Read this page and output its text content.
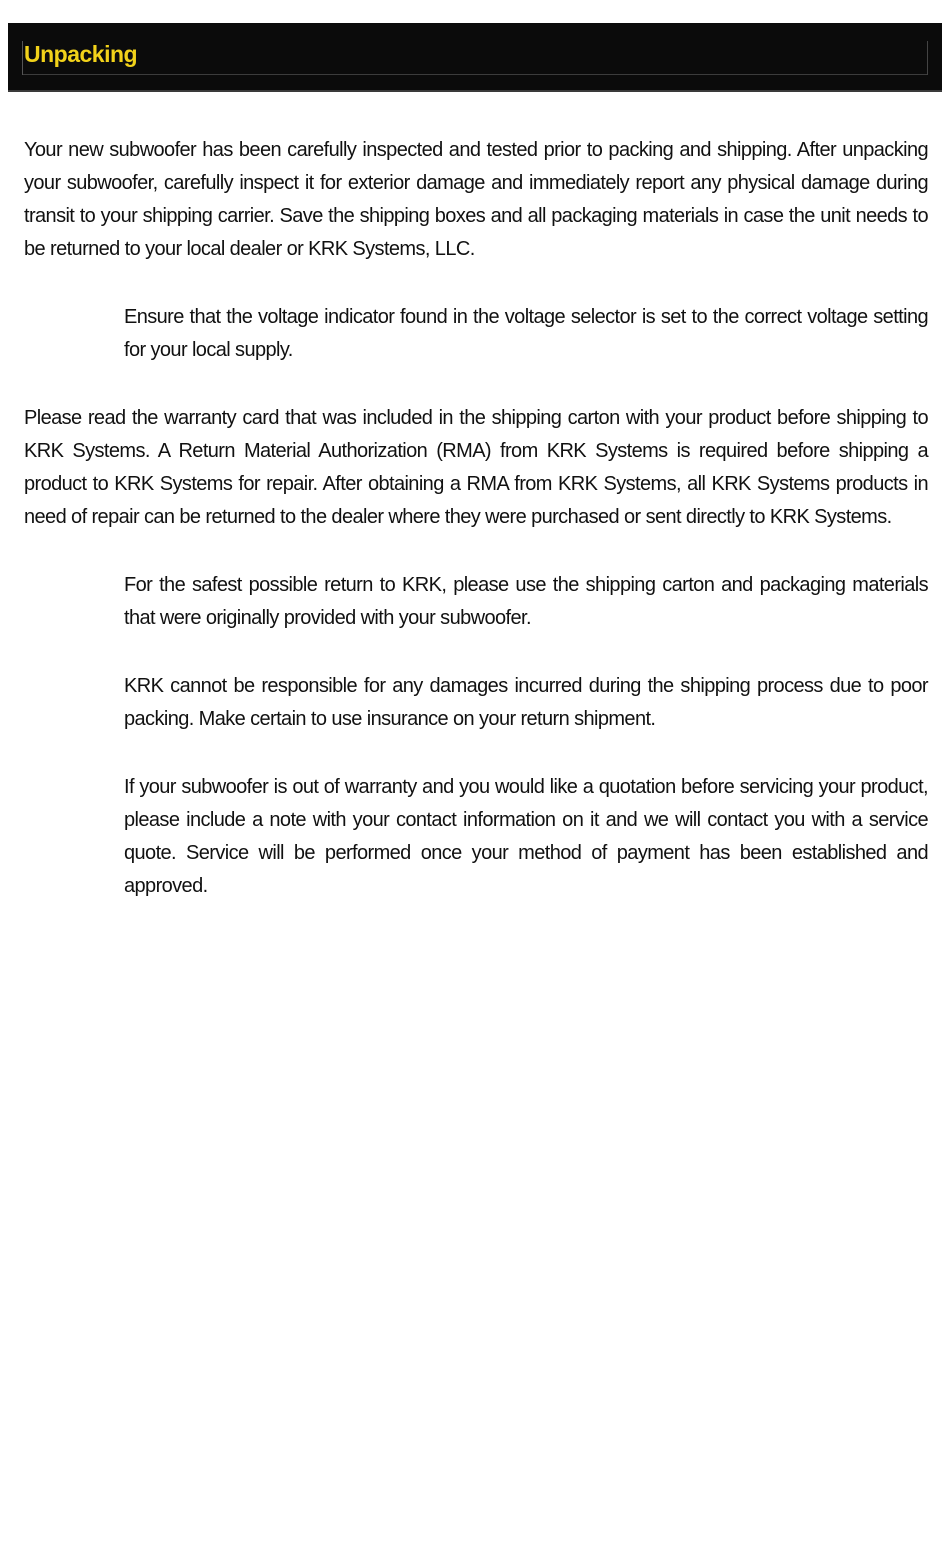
Unpacking

Your new subwoofer has been carefully inspected and tested prior to packing and shipping. After unpacking your subwoofer, carefully inspect it for exterior damage and immediately report any physical damage during transit to your shipping carrier. Save the shipping boxes and all packaging materials in case the unit needs to be returned to your local dealer or KRK Systems, LLC.

Ensure that the voltage indicator found in the voltage selector is set to the correct voltage setting for your local supply.

Please read the warranty card that was included in the shipping carton with your product before shipping to KRK Systems. A Return Material Authorization (RMA) from KRK Systems is required before shipping a product to KRK Systems for repair. After obtaining a RMA from KRK Systems, all KRK Systems products in need of repair can be returned to the dealer where they were purchased or sent directly to KRK Systems.

For the safest possible return to KRK, please use the shipping carton and packaging materials that were originally provided with your subwoofer.

KRK cannot be responsible for any damages incurred during the shipping process due to poor packing. Make certain to use insurance on your return shipment.

If your subwoofer is out of warranty and you would like a quotation before servicing your product, please include a note with your contact information on it and we will contact you with a service quote. Service will be performed once your method of payment has been established and approved.
